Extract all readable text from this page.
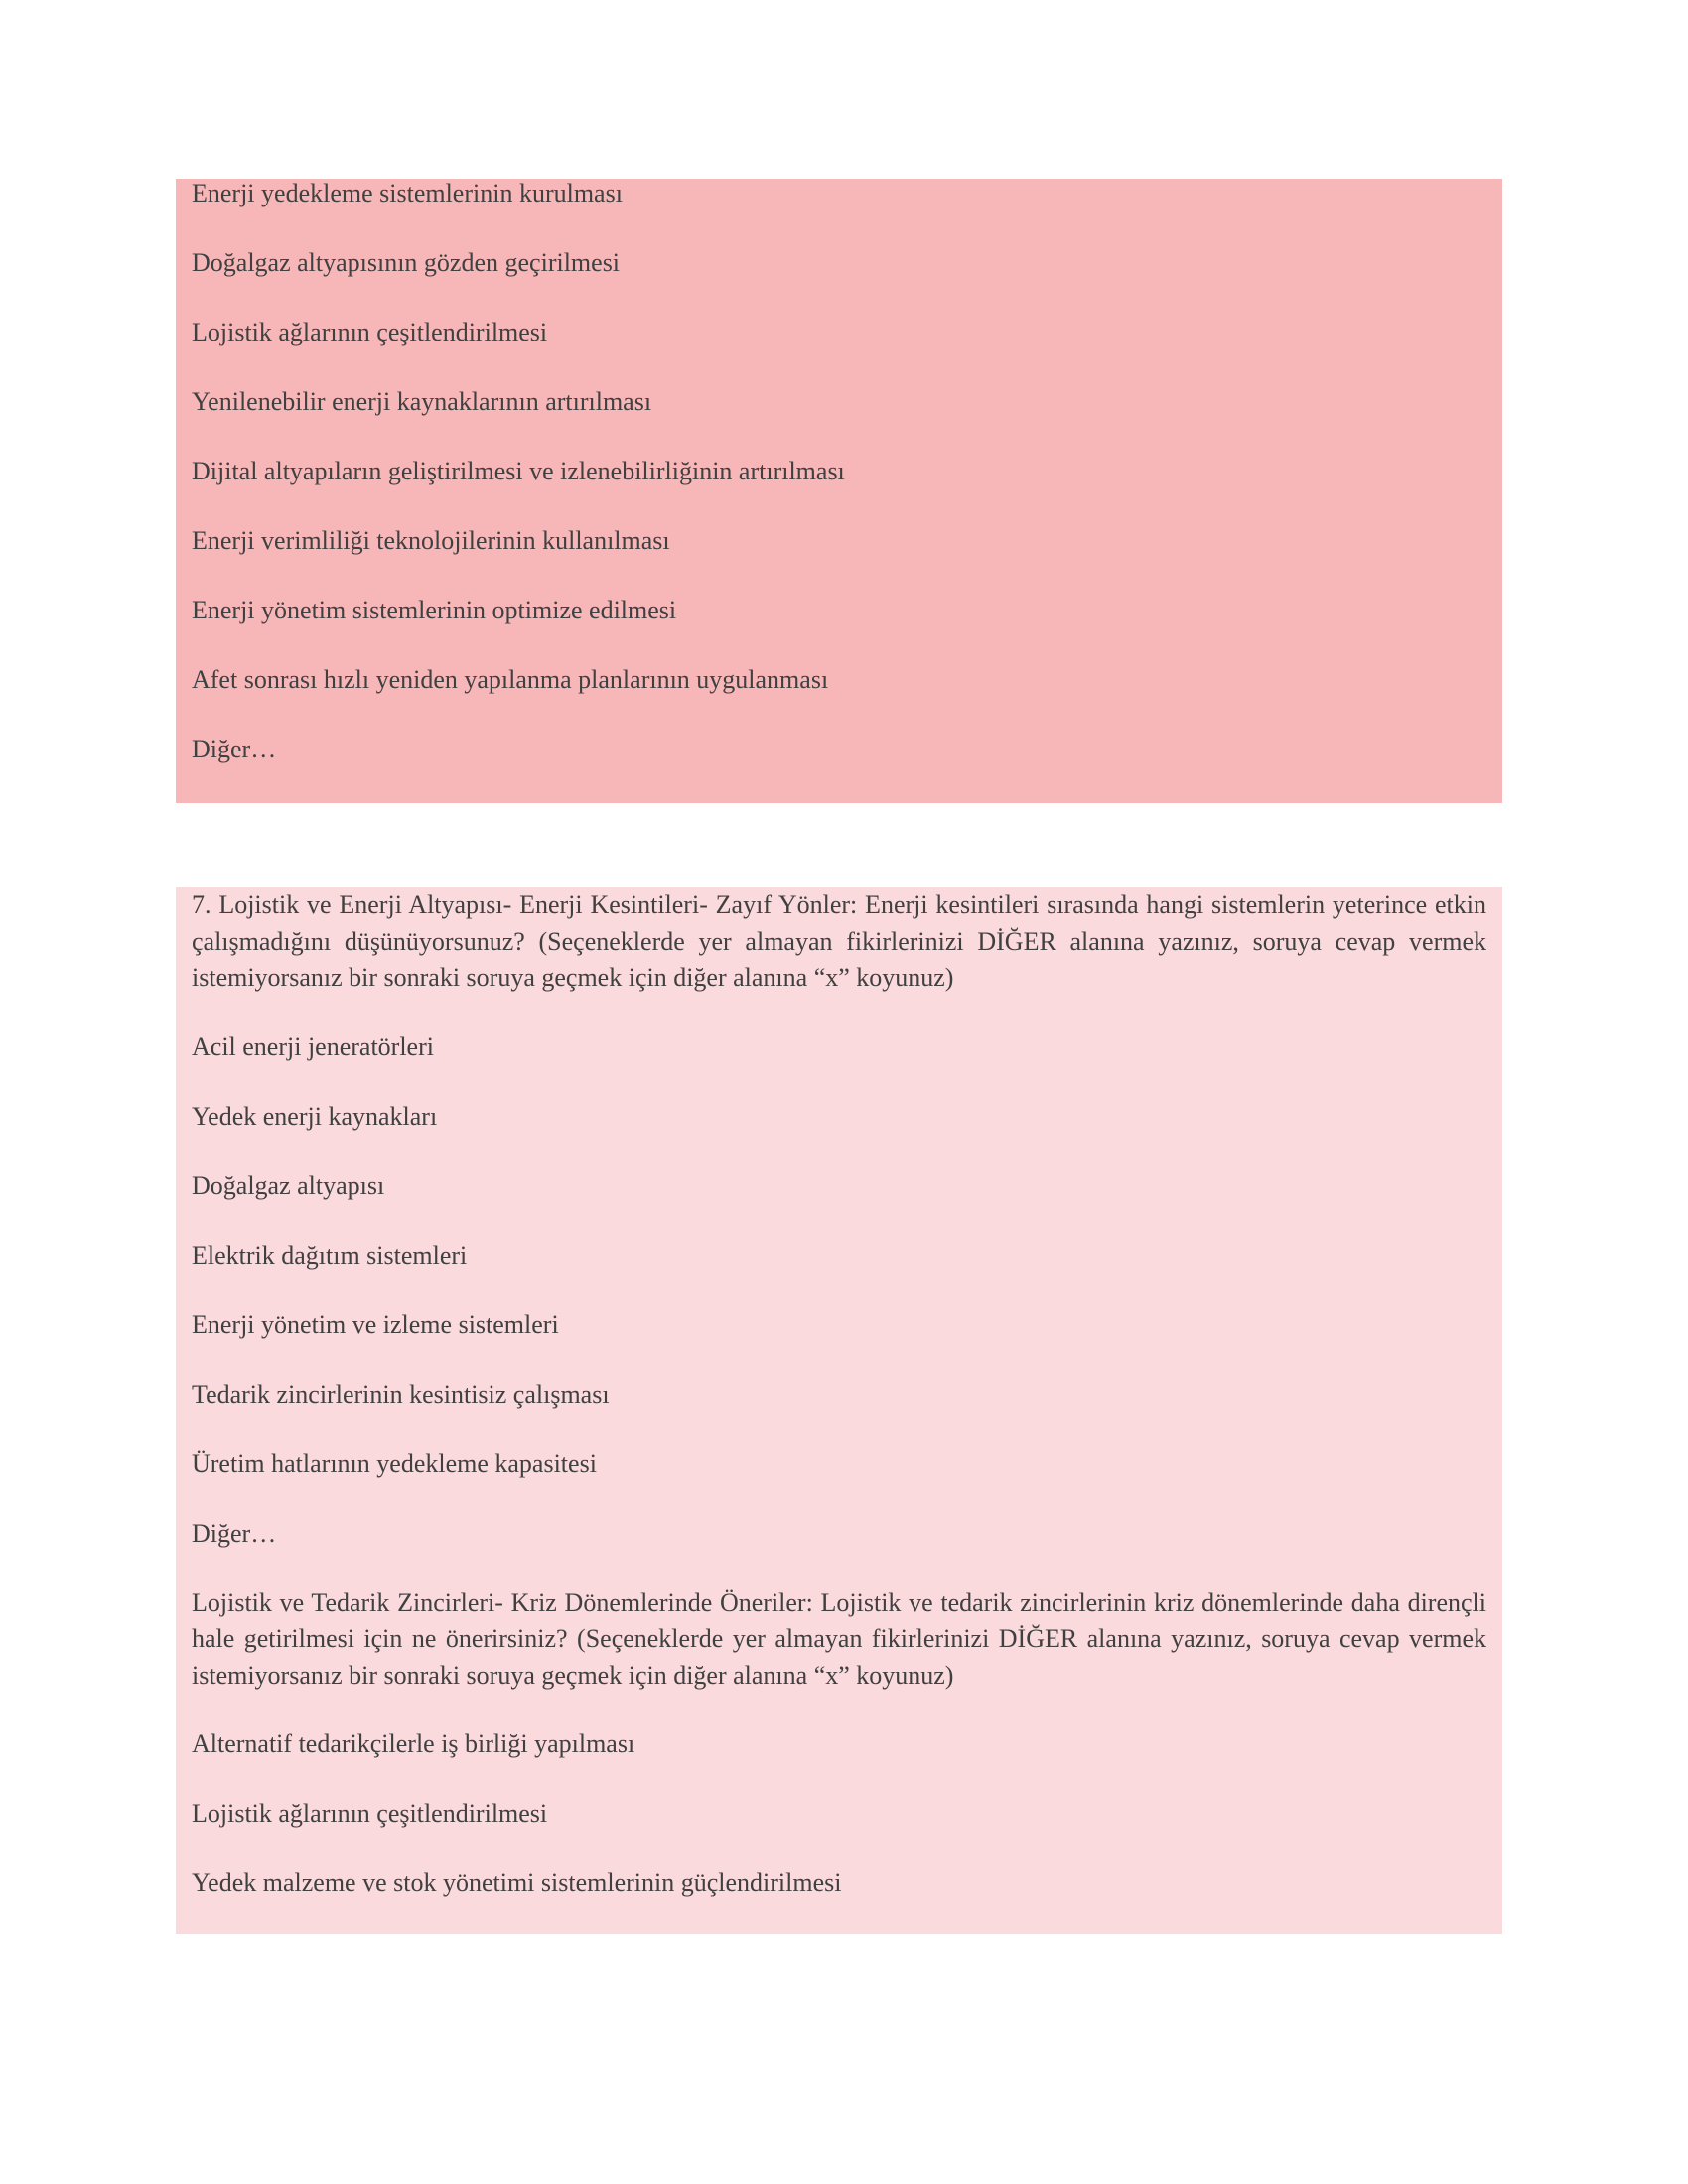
Enerji yedekleme sistemlerinin kurulması

Doğalgaz altyapısının gözden geçirilmesi

Lojistik ağlarının çeşitlendirilmesi

Yenilenebilir enerji kaynaklarının artırılması

Dijital altyapıların geliştirilmesi ve izlenebilirliğinin artırılması

Enerji verimliliği teknolojilerinin kullanılması

Enerji yönetim sistemlerinin optimize edilmesi

Afet sonrası hızlı yeniden yapılanma planlarının uygulanması

Diğer…

7. Lojistik ve Enerji Altyapısı- Enerji Kesintileri- Zayıf Yönler: Enerji kesintileri sırasında hangi sistemlerin yeterince etkin çalışmadığını düşünüyorsunuz? (Seçeneklerde yer almayan fikirlerinizi DİĞER alanına yazınız, soruya cevap vermek istemiyorsanız bir sonraki soruya geçmek için diğer alanına “x” koyunuz)

Acil enerji jeneratörleri

Yedek enerji kaynakları

Doğalgaz altyapısı

Elektrik dağıtım sistemleri

Enerji yönetim ve izleme sistemleri

Tedarik zincirlerinin kesintisiz çalışması

Üretim hatlarının yedekleme kapasitesi

Diğer…

Lojistik ve Tedarik Zincirleri- Kriz Dönemlerinde Öneriler: Lojistik ve tedarik zincirlerinin kriz dönemlerinde daha dirençli hale getirilmesi için ne önerirsiniz? (Seçeneklerde yer almayan fikirlerinizi DİĞER alanına yazınız, soruya cevap vermek istemiyorsanız bir sonraki soruya geçmek için diğer alanına “x” koyunuz)

Alternatif tedarikçilerle iş birliği yapılması

Lojistik ağlarının çeşitlendirilmesi

Yedek malzeme ve stok yönetimi sistemlerinin güçlendirilmesi
